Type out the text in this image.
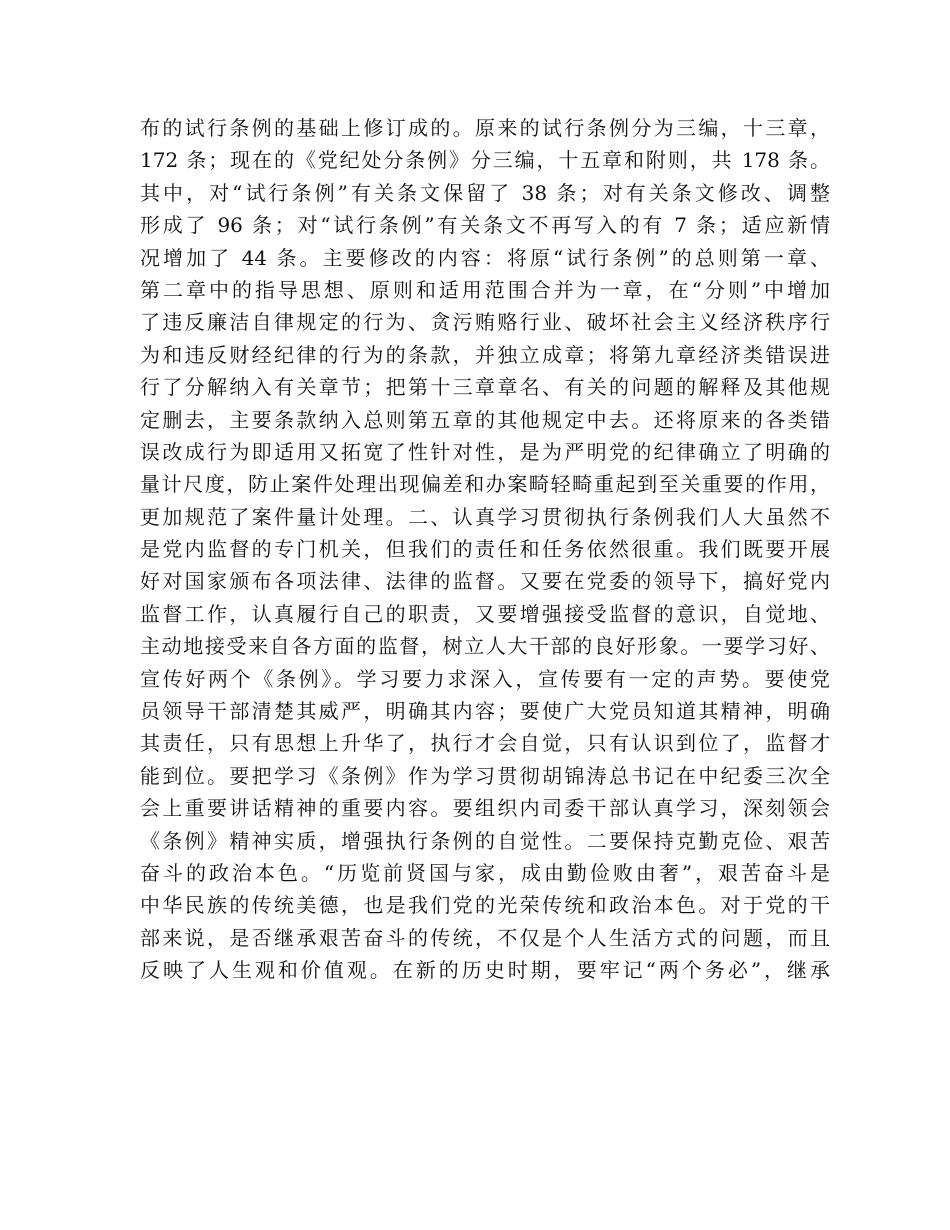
布的试行条例的基础上修订成的。原来的试行条例分为三编，十三章，
172 条；现在的《党纪处分条例》分三编，十五章和附则，共 178 条。
其中，对“试行条例”有关条文保留了 38 条；对有关条文修改、调整
形成了 96 条；对“试行条例”有关条文不再写入的有 7 条；适应新情
况增加了 44 条。主要修改的内容：将原“试行条例”的总则第一章、
第二章中的指导思想、原则和适用范围合并为一章，在“分则”中增加
了违反廉洁自律规定的行为、贪污贿赂行业、破坏社会主义经济秩序行
为和违反财经纪律的行为的条款，并独立成章；将第九章经济类错误进
行了分解纳入有关章节；把第十三章章名、有关的问题的解释及其他规
定删去，主要条款纳入总则第五章的其他规定中去。还将原来的各类错
误改成行为即适用又拓宽了性针对性，是为严明党的纪律确立了明确的
量计尺度，防止案件处理出现偏差和办案畸轻畸重起到至关重要的作用，
更加规范了案件量计处理。二、认真学习贯彻执行条例我们人大虽然不
是党内监督的专门机关，但我们的责任和任务依然很重。我们既要开展
好对国家颁布各项法律、法律的监督。又要在党委的领导下，搞好党内
监督工作，认真履行自己的职责，又要增强接受监督的意识，自觉地、
主动地接受来自各方面的监督，树立人大干部的良好形象。一要学习好、
宣传好两个《条例》。学习要力求深入，宣传要有一定的声势。要使党
员领导干部清楚其威严，明确其内容；要使广大党员知道其精神，明确
其责任，只有思想上升华了，执行才会自觉，只有认识到位了，监督才
能到位。要把学习《条例》作为学习贯彻胡锦涛总书记在中纪委三次全
会上重要讲话精神的重要内容。要组织内司委干部认真学习，深刻领会
《条例》精神实质，增强执行条例的自觉性。二要保持克勤克俭、艰苦
奋斗的政治本色。“历览前贤国与家，成由勤俭败由奢”，艰苦奋斗是
中华民族的传统美德，也是我们党的光荣传统和政治本色。对于党的干
部来说，是否继承艰苦奋斗的传统，不仅是个人生活方式的问题，而且
反映了人生观和价值观。在新的历史时期，要牢记“两个务必”，继承
